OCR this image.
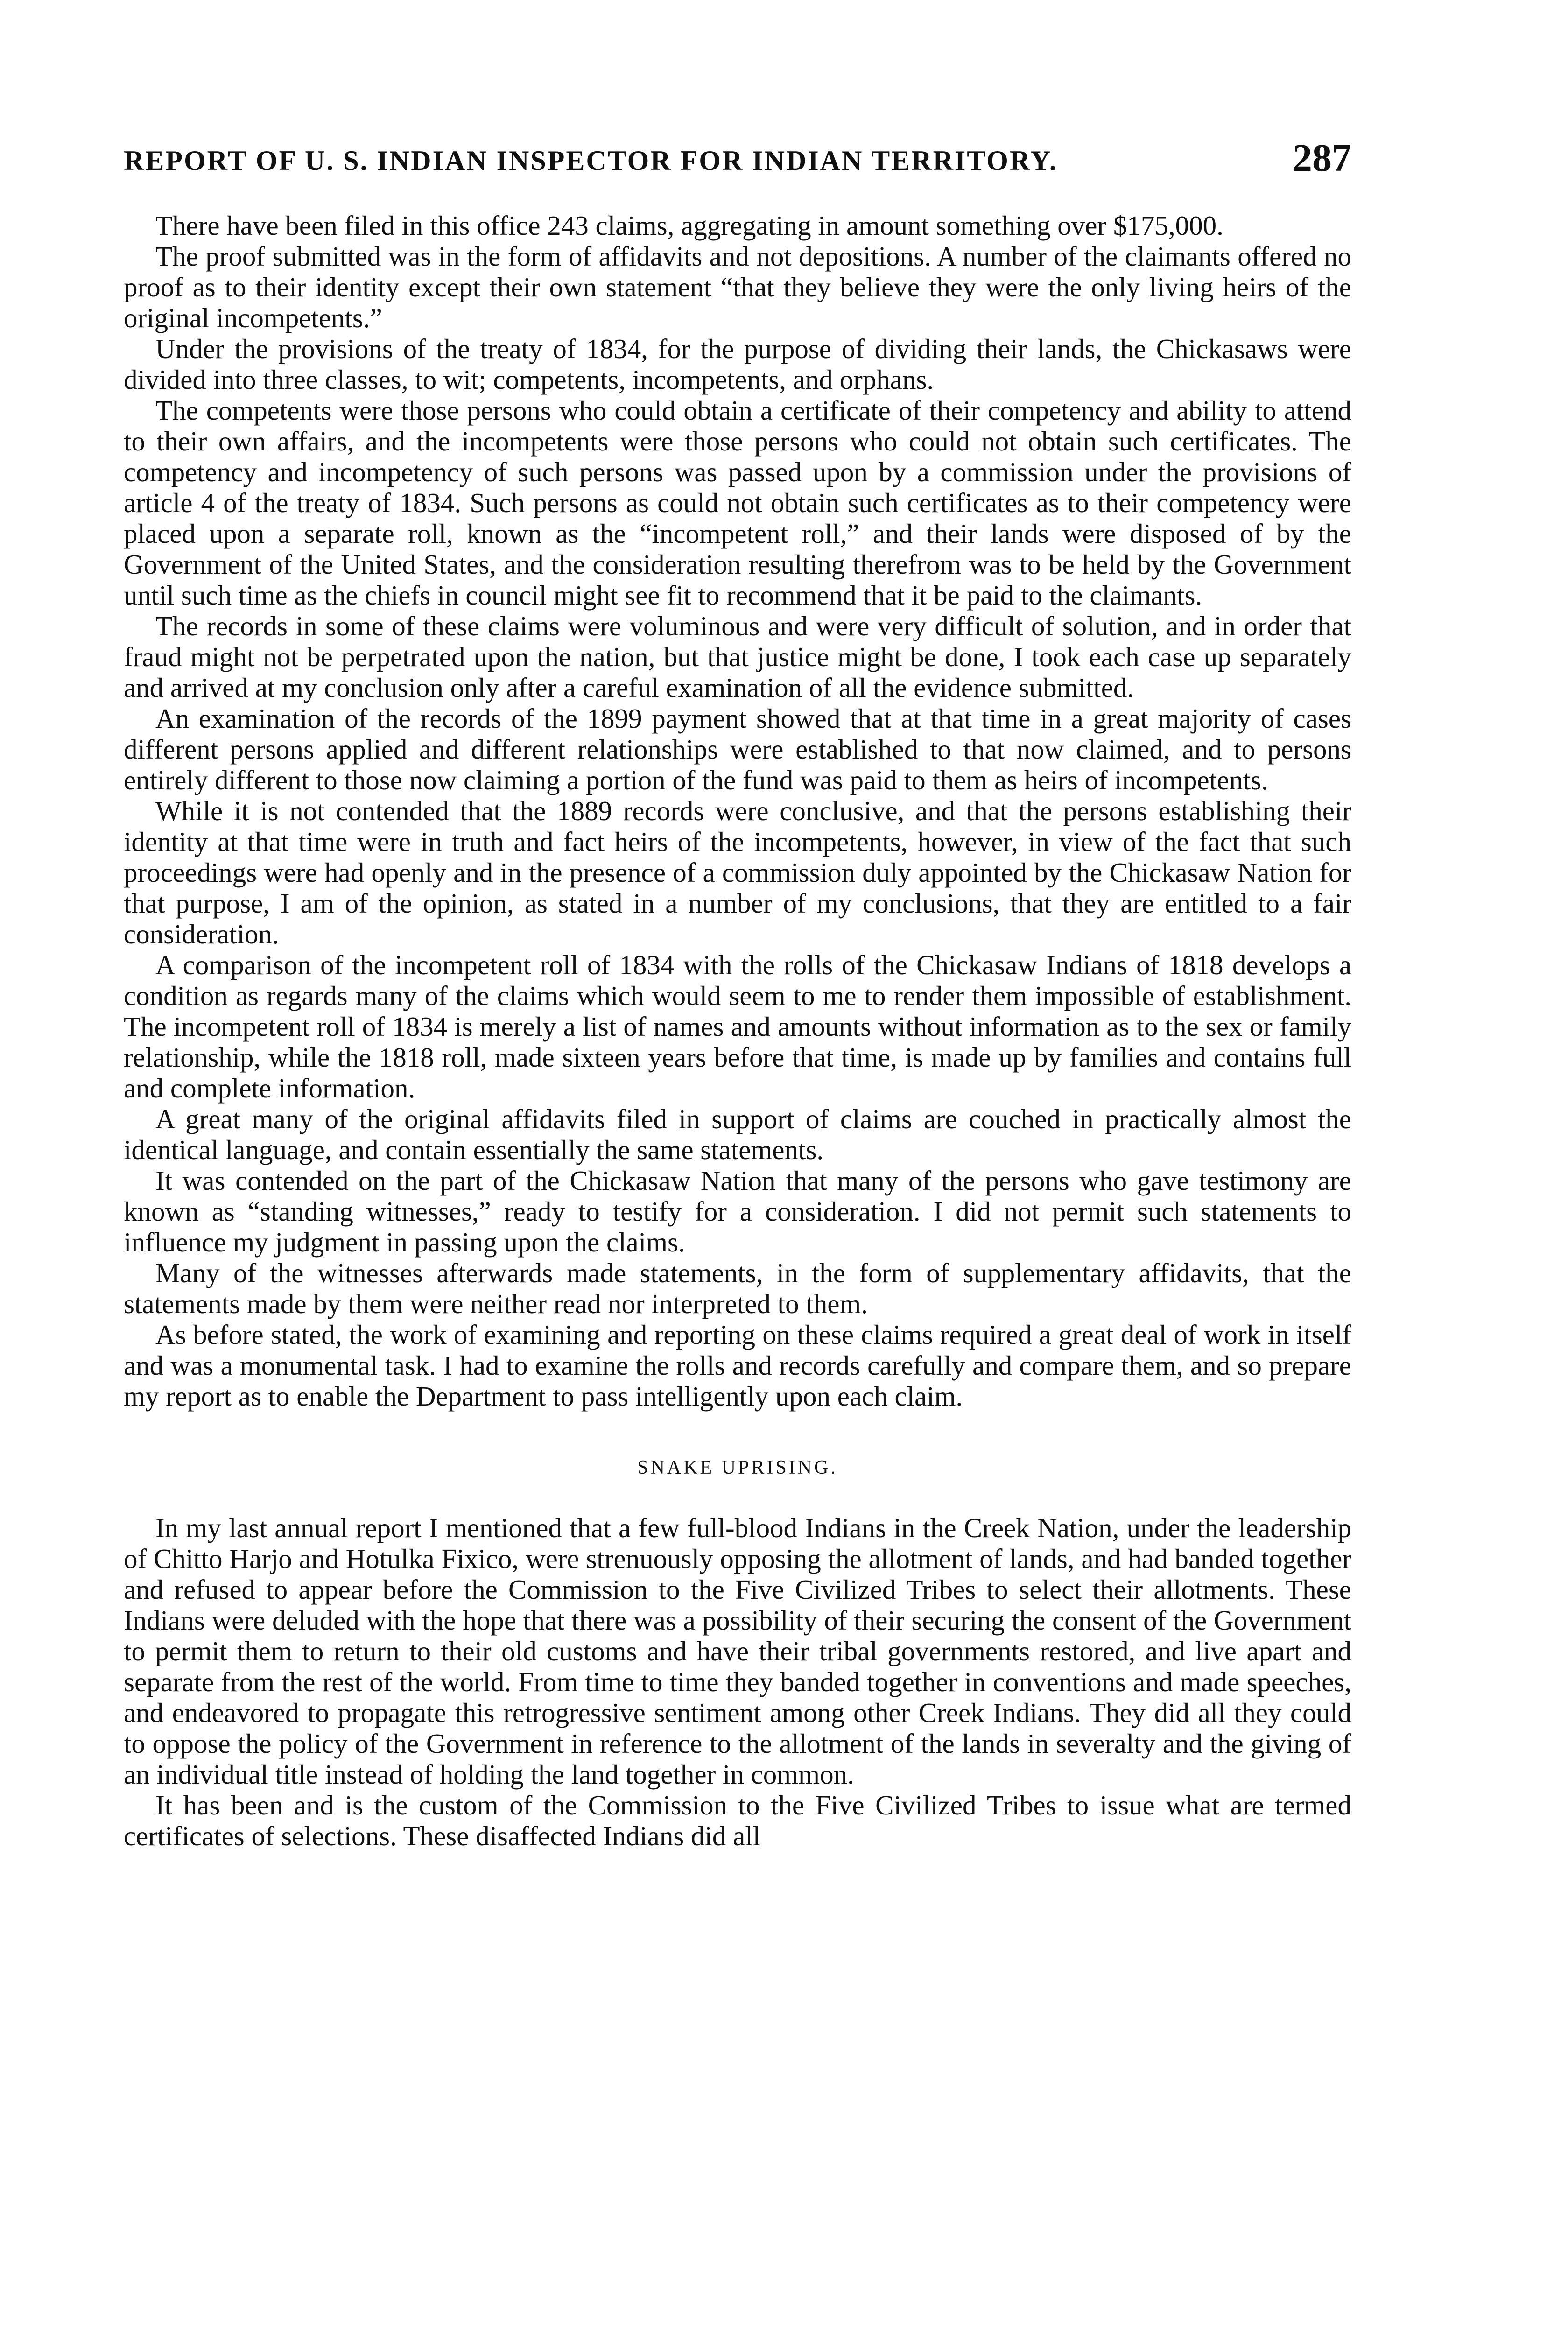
REPORT OF U. S. INDIAN INSPECTOR FOR INDIAN TERRITORY.	287

There have been filed in this office 243 claims, aggregating in amount something over $175,000.

The proof submitted was in the form of affidavits and not depositions. A number of the claimants offered no proof as to their identity except their own statement “that they believe they were the only living heirs of the original incompetents.”

Under the provisions of the treaty of 1834, for the purpose of dividing their lands, the Chickasaws were divided into three classes, to wit; competents, incompetents, and orphans.

The competents were those persons who could obtain a certificate of their competency and ability to attend to their own affairs, and the incompetents were those persons who could not obtain such certificates. The competency and incompetency of such persons was passed upon by a commission under the provisions of article 4 of the treaty of 1834. Such persons as could not obtain such certificates as to their competency were placed upon a separate roll, known as the “incompetent roll,” and their lands were disposed of by the Government of the United States, and the consideration resulting therefrom was to be held by the Government until such time as the chiefs in council might see fit to recommend that it be paid to the claimants.

The records in some of these claims were voluminous and were very difficult of solution, and in order that fraud might not be perpetrated upon the nation, but that justice might be done, I took each case up separately and arrived at my conclusion only after a careful examination of all the evidence submitted.

An examination of the records of the 1899 payment showed that at that time in a great majority of cases different persons applied and different relationships were established to that now claimed, and to persons entirely different to those now claiming a portion of the fund was paid to them as heirs of incompetents.

While it is not contended that the 1889 records were conclusive, and that the persons establishing their identity at that time were in truth and fact heirs of the incompetents, however, in view of the fact that such proceedings were had openly and in the presence of a commission duly appointed by the Chickasaw Nation for that purpose, I am of the opinion, as stated in a number of my conclusions, that they are entitled to a fair consideration.

A comparison of the incompetent roll of 1834 with the rolls of the Chickasaw Indians of 1818 develops a condition as regards many of the claims which would seem to me to render them impossible of establishment. The incompetent roll of 1834 is merely a list of names and amounts without information as to the sex or family relationship, while the 1818 roll, made sixteen years before that time, is made up by families and contains full and complete information.

A great many of the original affidavits filed in support of claims are couched in practically almost the identical language, and contain essentially the same statements.

It was contended on the part of the Chickasaw Nation that many of the persons who gave testimony are known as “standing witnesses,” ready to testify for a consideration. I did not permit such statements to influence my judgment in passing upon the claims.

Many of the witnesses afterwards made statements, in the form of supplementary affidavits, that the statements made by them were neither read nor interpreted to them.

As before stated, the work of examining and reporting on these claims required a great deal of work in itself and was a monumental task. I had to examine the rolls and records carefully and compare them, and so prepare my report as to enable the Department to pass intelligently upon each claim.

SNAKE UPRISING.

In my last annual report I mentioned that a few full-blood Indians in the Creek Nation, under the leadership of Chitto Harjo and Hotulka Fixico, were strenuously opposing the allotment of lands, and had banded together and refused to appear before the Commission to the Five Civilized Tribes to select their allotments. These Indians were deluded with the hope that there was a possibility of their securing the consent of the Government to permit them to return to their old customs and have their tribal governments restored, and live apart and separate from the rest of the world. From time to time they banded together in conventions and made speeches, and endeavored to propagate this retrogressive sentiment among other Creek Indians. They did all they could to oppose the policy of the Government in reference to the allotment of the lands in severalty and the giving of an individual title instead of holding the land together in common.

It has been and is the custom of the Commission to the Five Civilized Tribes to issue what are termed certificates of selections. These disaffected Indians did all
